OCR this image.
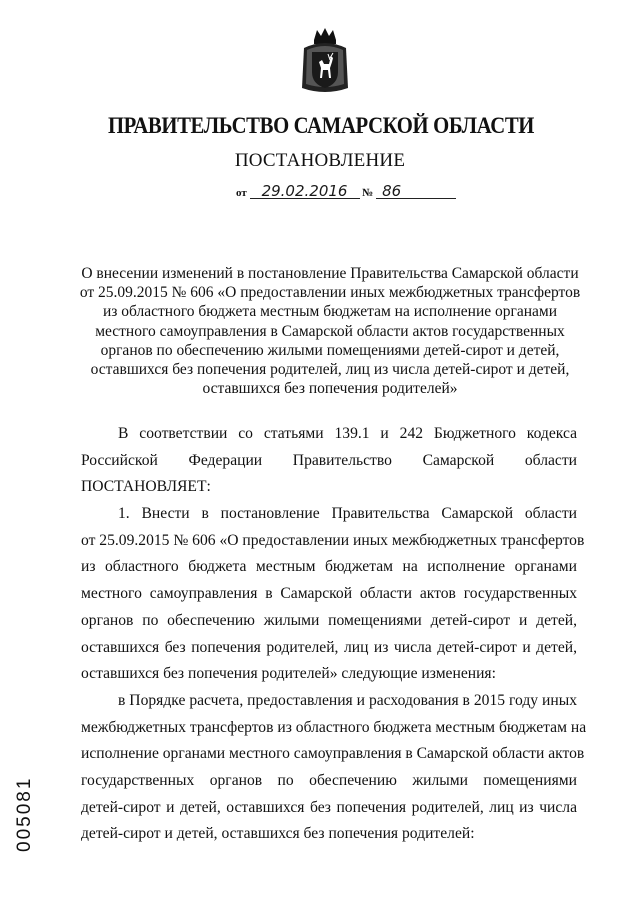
ПРАВИТЕЛЬСТВО САМАРСКОЙ ОБЛАСТИ
ПОСТАНОВЛЕНИЕ
от 29.02.2016 № 86
О внесении изменений в постановление Правительства Самарской области
от 25.09.2015 № 606 «О предоставлении иных межбюджетных трансфертов
из областного бюджета местным бюджетам на исполнение органами
местного самоуправления в Самарской области актов государственных
органов по обеспечению жилыми помещениями детей-сирот и детей,
оставшихся без попечения родителей, лиц из числа детей-сирот и детей,
оставшихся без попечения родителей»
В соответствии со статьями 139.1 и 242 Бюджетного кодекса
Российской Федерации Правительство Самарской области
ПОСТАНОВЛЯЕТ:
1. Внести в постановление Правительства Самарской области
от 25.09.2015 № 606 «О предоставлении иных межбюджетных трансфертов
из областного бюджета местным бюджетам на исполнение органами
местного самоуправления в Самарской области актов государственных
органов по обеспечению жилыми помещениями детей-сирот и детей,
оставшихся без попечения родителей, лиц из числа детей-сирот и детей,
оставшихся без попечения родителей» следующие изменения:
в Порядке расчета, предоставления и расходования в 2015 году иных
межбюджетных трансфертов из областного бюджета местным бюджетам на
исполнение органами местного самоуправления в Самарской области актов
государственных органов по обеспечению жилыми помещениями
детей-сирот и детей, оставшихся без попечения родителей, лиц из числа
детей-сирот и детей, оставшихся без попечения родителей:
005081
